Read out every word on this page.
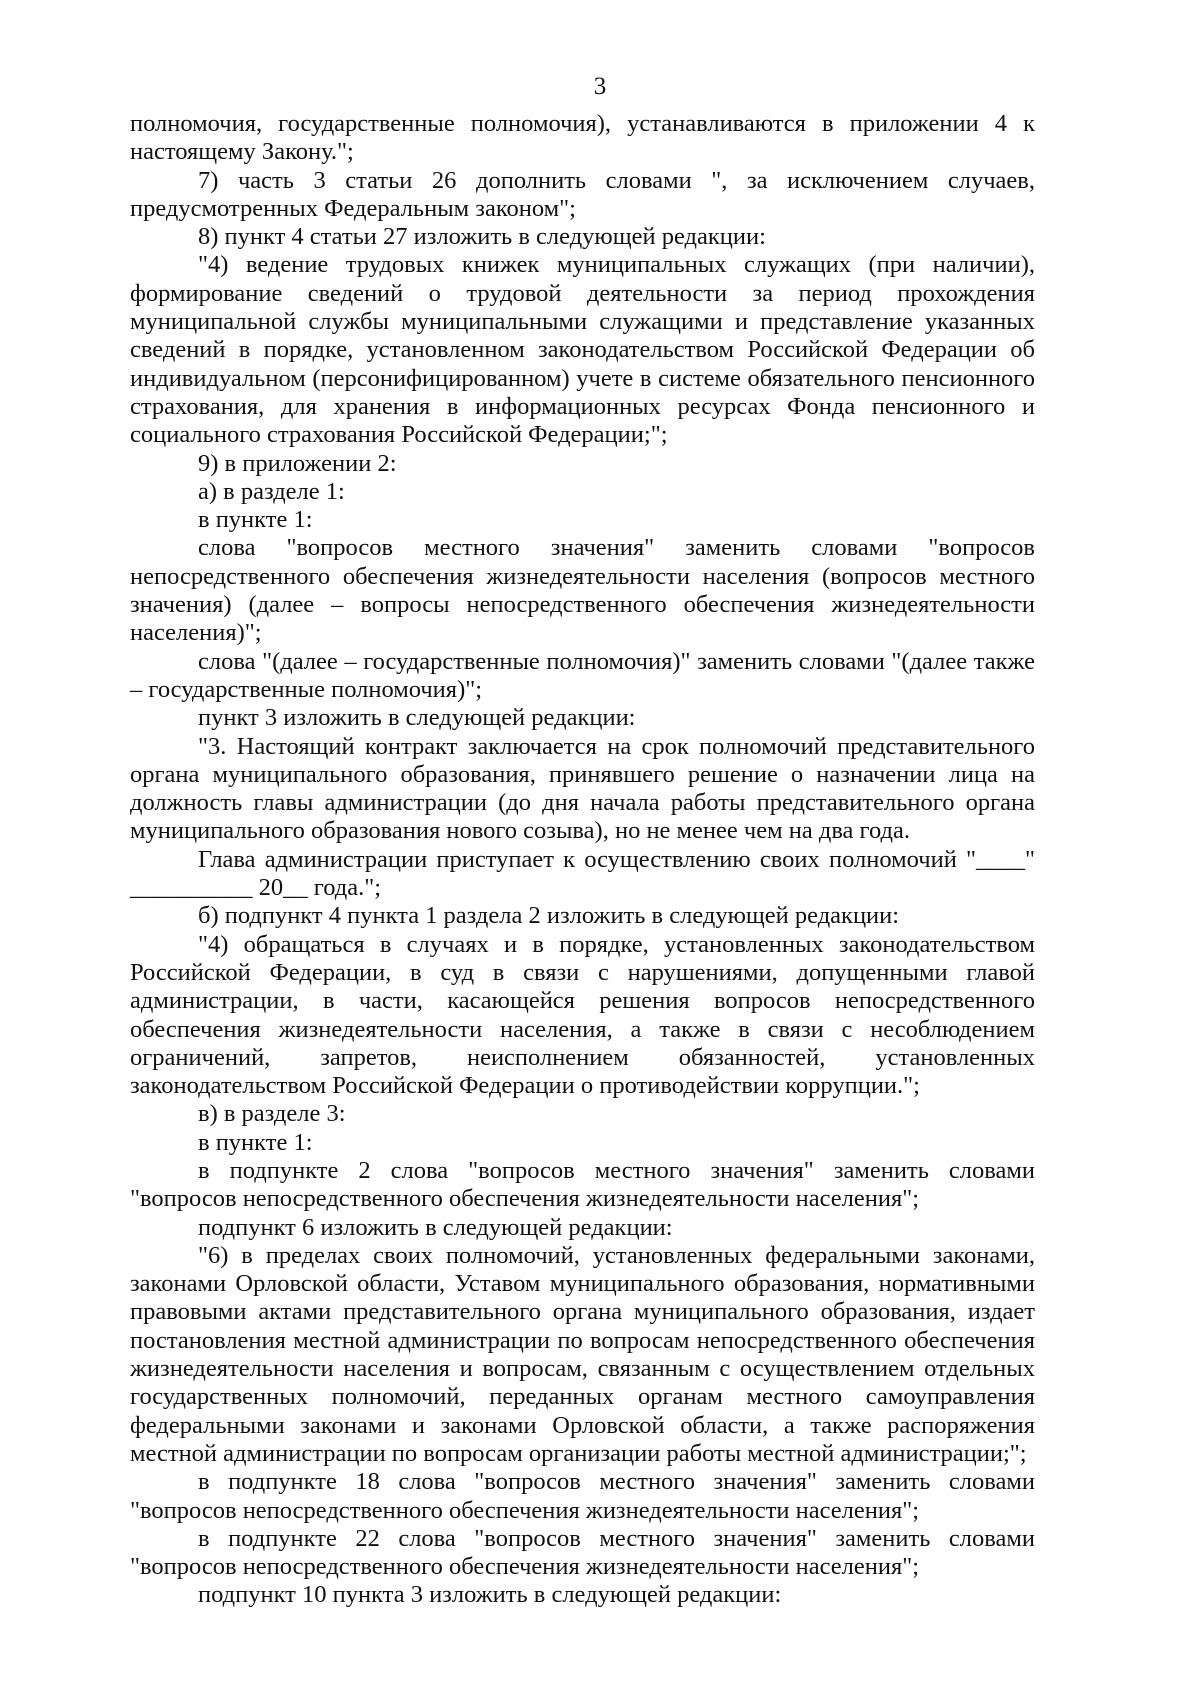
3

полномочия, государственные полномочия), устанавливаются в приложении 4 к настоящему Закону.";

7) часть 3 статьи 26 дополнить словами ", за исключением случаев, предусмотренных Федеральным законом";

8) пункт 4 статьи 27 изложить в следующей редакции:

"4) ведение трудовых книжек муниципальных служащих (при наличии), формирование сведений о трудовой деятельности за период прохождения муниципальной службы муниципальными служащими и представление указанных сведений в порядке, установленном законодательством Российской Федерации об индивидуальном (персонифицированном) учете в системе обязательного пенсионного страхования, для хранения в информационных ресурсах Фонда пенсионного и социального страхования Российской Федерации;";

9) в приложении 2:

а) в разделе 1:

в пункте 1:

слова "вопросов местного значения" заменить словами "вопросов непосредственного обеспечения жизнедеятельности населения (вопросов местного значения) (далее – вопросы непосредственного обеспечения жизнедеятельности населения)";

слова "(далее – государственные полномочия)" заменить словами "(далее также – государственные полномочия)";

пункт 3 изложить в следующей редакции:

"3. Настоящий контракт заключается на срок полномочий представительного органа муниципального образования, принявшего решение о назначении лица на должность главы администрации (до дня начала работы представительного органа муниципального образования нового созыва), но не менее чем на два года.

Глава администрации приступает к осуществлению своих полномочий "____" __________ 20__ года.";

б) подпункт 4 пункта 1 раздела 2 изложить в следующей редакции:

"4) обращаться в случаях и в порядке, установленных законодательством Российской Федерации, в суд в связи с нарушениями, допущенными главой администрации, в части, касающейся решения вопросов непосредственного обеспечения жизнедеятельности населения, а также в связи с несоблюдением ограничений, запретов, неисполнением обязанностей, установленных законодательством Российской Федерации о противодействии коррупции.";

в) в разделе 3:

в пункте 1:

в подпункте 2 слова "вопросов местного значения" заменить словами "вопросов непосредственного обеспечения жизнедеятельности населения";

подпункт 6 изложить в следующей редакции:

"6) в пределах своих полномочий, установленных федеральными законами, законами Орловской области, Уставом муниципального образования, нормативными правовыми актами представительного органа муниципального образования, издает постановления местной администрации по вопросам непосредственного обеспечения жизнедеятельности населения и вопросам, связанным с осуществлением отдельных государственных полномочий, переданных органам местного самоуправления федеральными законами и законами Орловской области, а также распоряжения местной администрации по вопросам организации работы местной администрации;";

в подпункте 18 слова "вопросов местного значения" заменить словами "вопросов непосредственного обеспечения жизнедеятельности населения";

в подпункте 22 слова "вопросов местного значения" заменить словами "вопросов непосредственного обеспечения жизнедеятельности населения";

подпункт 10 пункта 3 изложить в следующей редакции:
